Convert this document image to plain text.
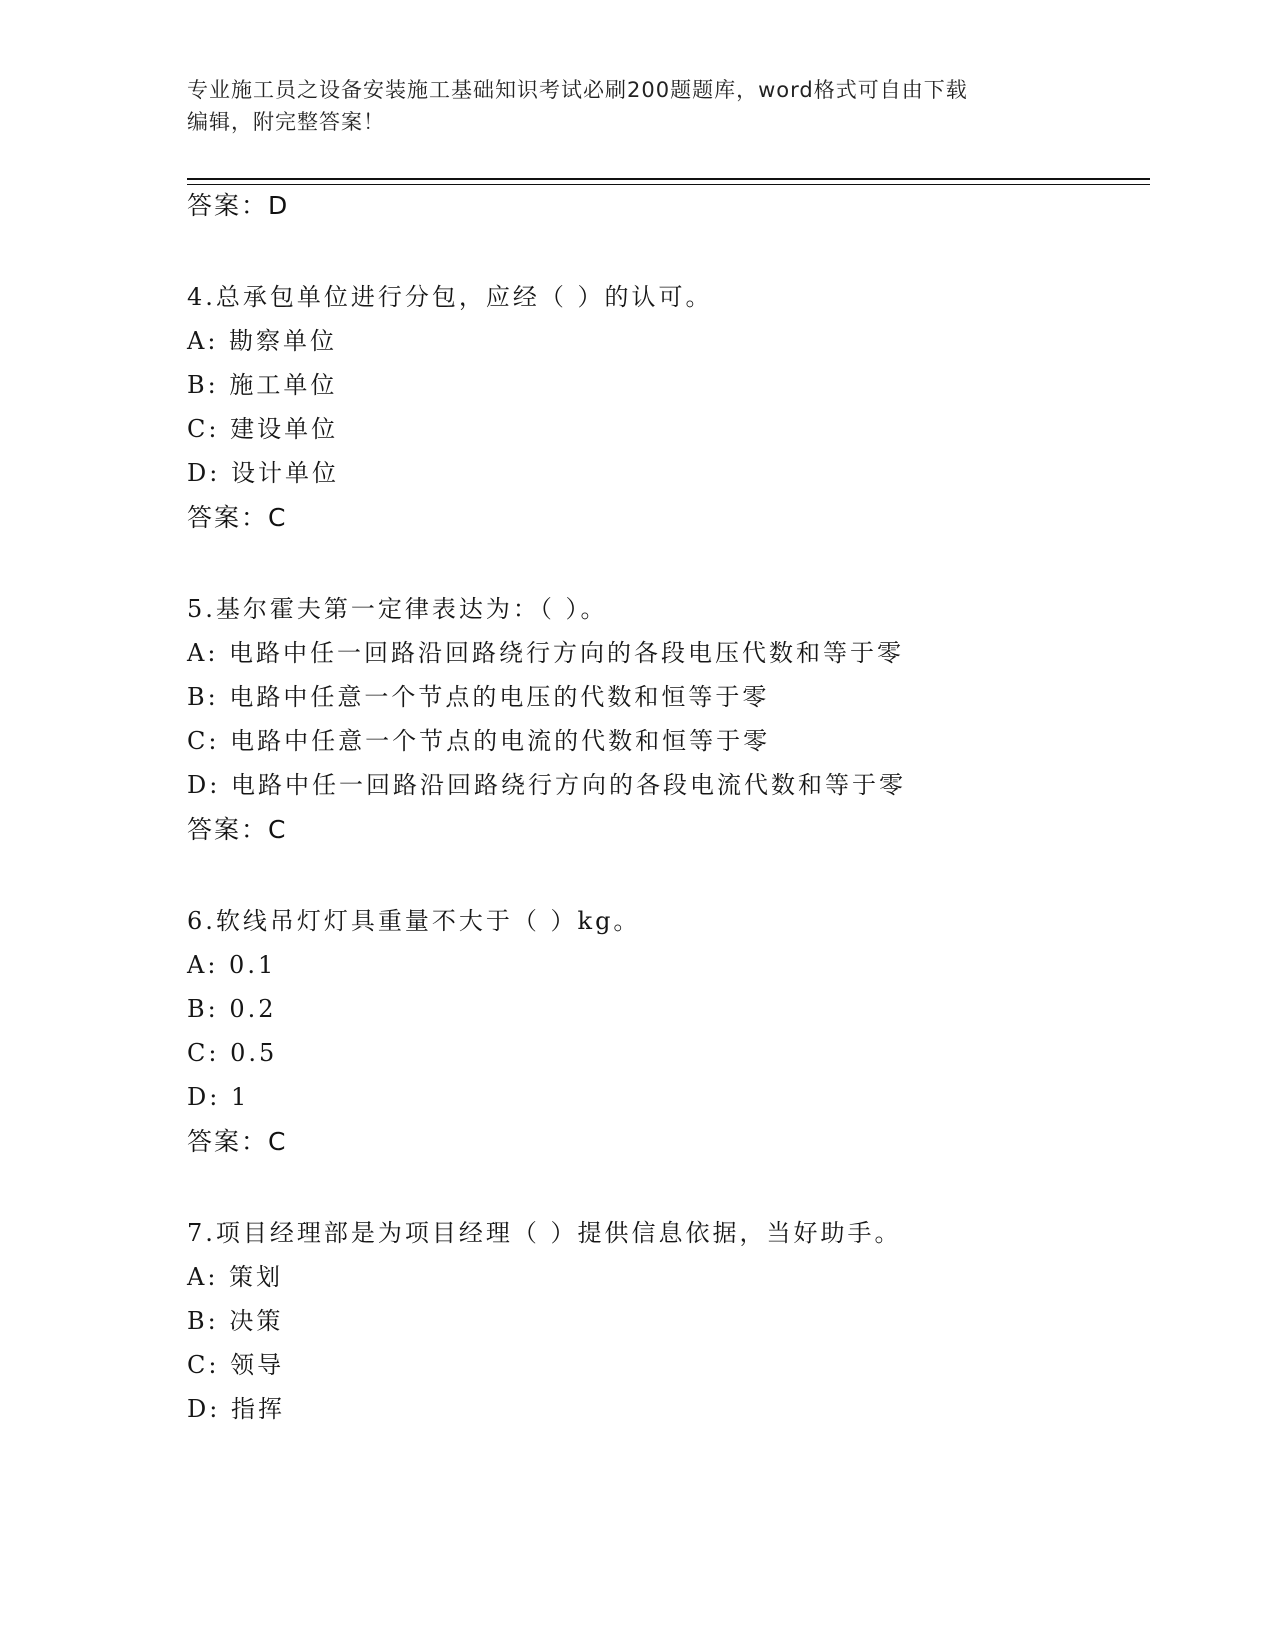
专业施工员之设备安装施工基础知识考试必刷200题题库，word格式可自由下载
编辑，附完整答案！
答案：D
4.总承包单位进行分包，应经（ ）的认可。
A: 勘察单位
B: 施工单位
C: 建设单位
D: 设计单位
答案：C
5.基尔霍夫第一定律表达为：（ ）。
A: 电路中任一回路沿回路绕行方向的各段电压代数和等于零
B: 电路中任意一个节点的电压的代数和恒等于零
C: 电路中任意一个节点的电流的代数和恒等于零
D: 电路中任一回路沿回路绕行方向的各段电流代数和等于零
答案：C
6.软线吊灯灯具重量不大于（ ）kg。
A: 0.1
B: 0.2
C: 0.5
D: 1
答案：C
7.项目经理部是为项目经理（ ）提供信息依据，当好助手。
A: 策划
B: 决策
C: 领导
D: 指挥
